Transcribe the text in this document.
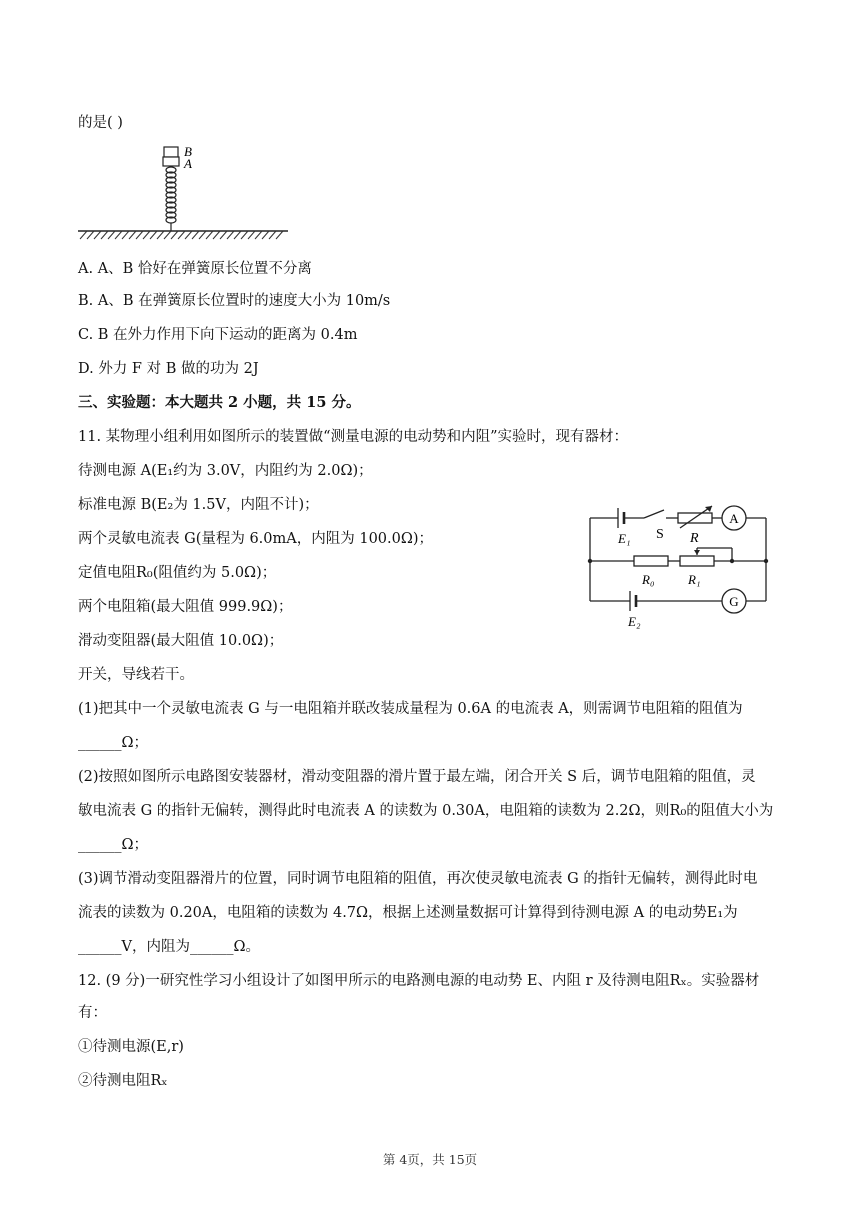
的是( )
B
A
A. A、B 恰好在弹簧原长位置不分离
B. A、B 在弹簧原长位置时的速度大小为 10m/s
C. B 在外力作用下向下运动的距离为 0.4m
D. 外力 F 对 B 做的功为 2J
三、实验题：本大题共 2 小题，共 15 分。
11. 某物理小组利用如图所示的装置做“测量电源的电动势和内阻”实验时，现有器材：
待测电源 A(E₁约为 3.0V，内阻约为 2.0Ω)；
标准电源 B(E₂为 1.5V，内阻不计)；
两个灵敏电流表 G(量程为 6.0mA，内阻为 100.0Ω)；
定值电阻R₀(阻值约为 5.0Ω)；
两个电阻箱(最大阻值 999.9Ω)；
滑动变阻器(最大阻值 10.0Ω)；
开关，导线若干。
E₁ S R
A
R₀	R₁
G
E₂
(1)把其中一个灵敏电流表 G 与一电阻箱并联改装成量程为 0.6A 的电流表 A，则需调节电阻箱的阻值为
______Ω；
(2)按照如图所示电路图安装器材，滑动变阻器的滑片置于最左端，闭合开关 S 后，调节电阻箱的阻值，灵
敏电流表 G 的指针无偏转，测得此时电流表 A 的读数为 0.30A，电阻箱的读数为 2.2Ω，则R₀的阻值大小为
______Ω；
(3)调节滑动变阻器滑片的位置，同时调节电阻箱的阻值，再次使灵敏电流表 G 的指针无偏转，测得此时电
流表的读数为 0.20A，电阻箱的读数为 4.7Ω，根据上述测量数据可计算得到待测电源 A 的电动势E₁为
______V，内阻为______Ω。
12. (9 分)一研究性学习小组设计了如图甲所示的电路测电源的电动势 E、内阻 r 及待测电阻Rₓ。实验器材
有：
①待测电源(E,r)
②待测电阻Rₓ
第 4页，共 15页
